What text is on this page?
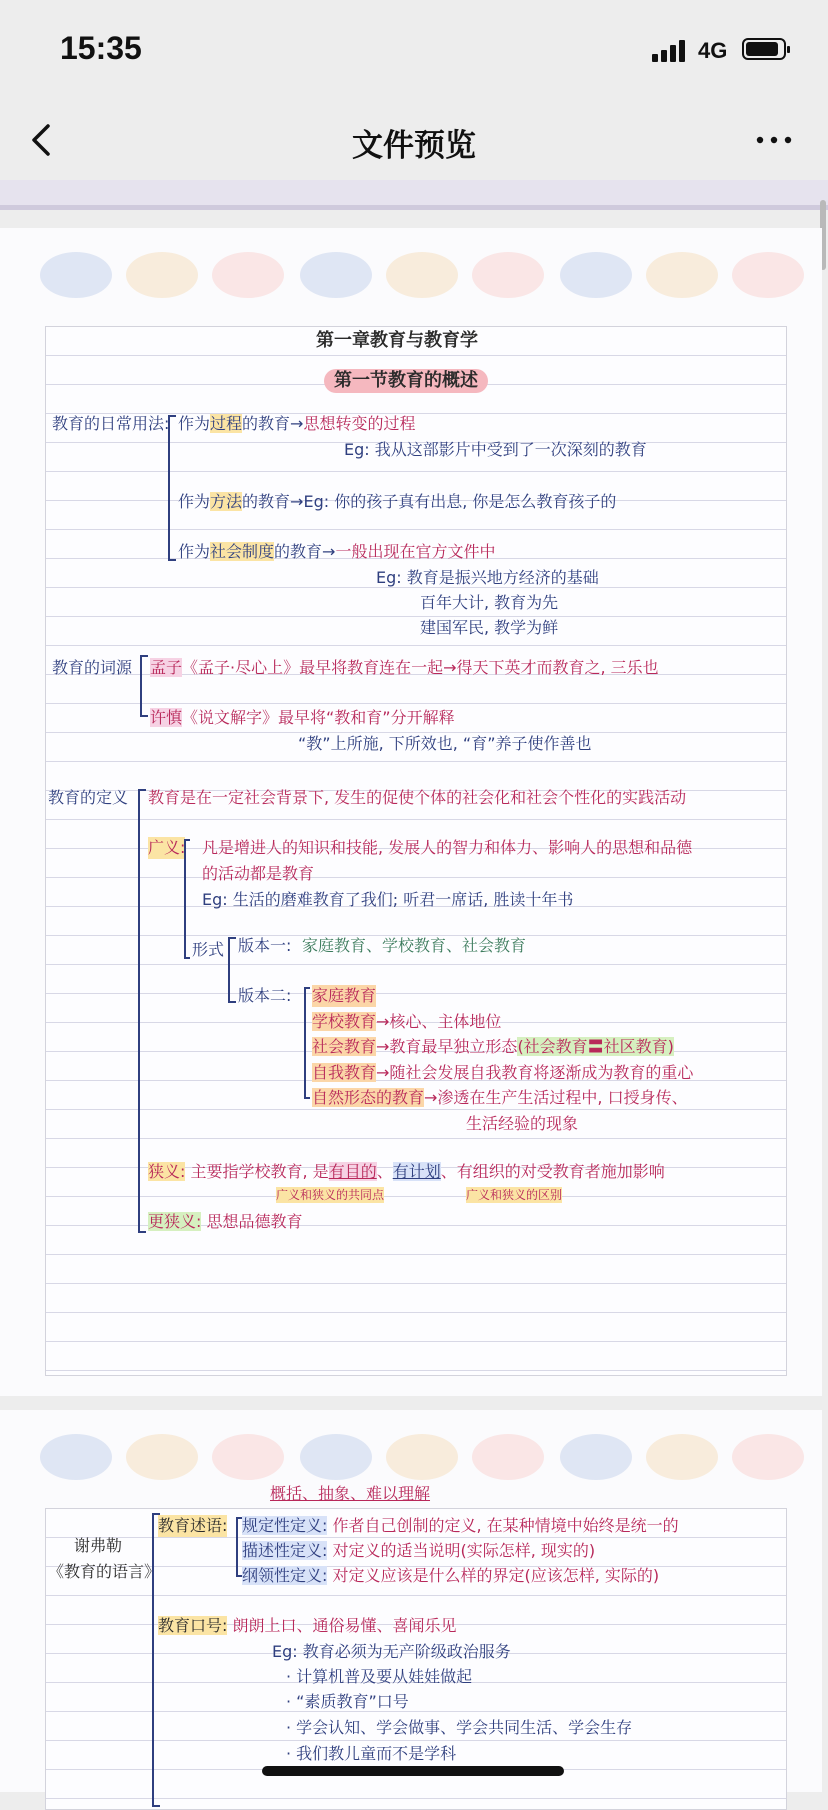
15:35	4G
文件预览
第一章教育与教育学
第一节教育的概述
教育的日常用法: 作为过程的教育→思想转变的过程
Eg: 我从这部影片中受到了一次深刻的教育
作为方法的教育→Eg: 你的孩子真有出息, 你是怎么教育孩子的
作为社会制度的教育→一般出现在官方文件中
Eg: 教育是振兴地方经济的基础
百年大计, 教育为先
建国军民, 教学为鲜
教育的词源 孟子《孟子·尽心上》最早将教育连在一起→得天下英才而教育之, 三乐也
许慎《说文解字》最早将“教和育”分开解释
“教”上所施, 下所效也, “育”养子使作善也
教育的定义 教育是在一定社会背景下, 发生的促使个体的社会化和社会个性化的实践活动
广义: 凡是增进人的知识和技能, 发展人的智力和体力、影响人的思想和品德
的活动都是教育
Eg: 生活的磨难教育了我们; 听君一席话, 胜读十年书
形式 版本一: 家庭教育、学校教育、社会教育
版本二: 家庭教育
学校教育→核心、主体地位
社会教育→教育最早独立形态(社会教育〓社区教育)
自我教育→随社会发展自我教育将逐渐成为教育的重心
自然形态的教育→渗透在生产生活过程中, 口授身传、
生活经验的现象
狭义: 主要指学校教育, 是有目的、有计划、有组织的对受教育者施加影响
广义和狭义的共同点	广义和狭义的区别
更狭义: 思想品德教育
概括、抽象、难以理解
谢弗勒
《教育的语言》
教育述语: 规定性定义: 作者自己创制的定义, 在某种情境中始终是统一的
描述性定义: 对定义的适当说明(实际怎样, 现实的)
纲领性定义: 对定义应该是什么样的界定(应该怎样, 实际的)
教育口号: 朗朗上口、通俗易懂、喜闻乐见
Eg: 教育必须为无产阶级政治服务
· 计算机普及要从娃娃做起
· “素质教育”口号
· 学会认知、学会做事、学会共同生活、学会生存
· 我们教儿童而不是学科
